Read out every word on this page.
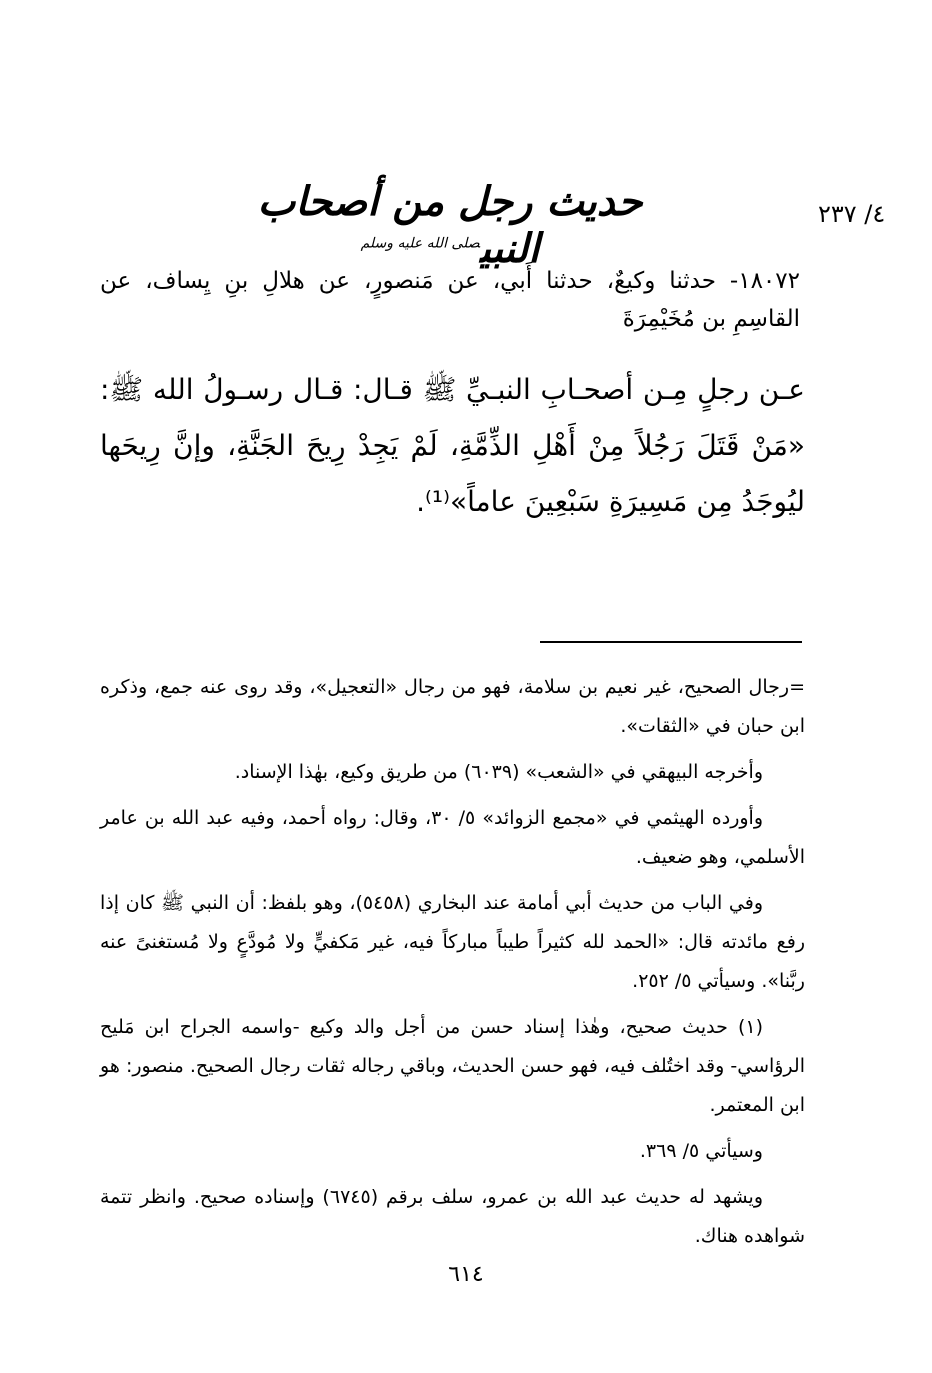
٤/ ٢٣٧
حديث رجل من أصحاب النبي$^{صلى الله عليه وسلم}$
١٨٠٧٢- حدثنا وكيعٌ، حدثنا أَبي، عن مَنصورٍ، عن هلالِ بنِ يِساف، عن القاسِمِ بن مُخَيْمِرَةَ
عـن رجلٍ مِـن أصحـابِ النبـيِّ ﷺ قـال: قـال رسـولُ الله ﷺ: «مَنْ قَتَلَ رَجُلاً مِنْ أَهْلِ الذِّمَّةِ، لَمْ يَجِدْ رِيحَ الجَنَّةِ، وإنَّ رِيحَها ليُوجَدُ مِن مَسِيرَةِ سَبْعِينَ عاماً»⁽¹⁾.

=رجال الصحيح، غير نعيم بن سلامة، فهو من رجال «التعجيل»، وقد روى عنه جمع، وذكره ابن حبان في «الثقات».

وأخرجه البيهقي في «الشعب» (٦٠٣٩) من طريق وكيع، بهٰذا الإسناد.

وأورده الهيثمي في «مجمع الزوائد» ٥/ ٣٠، وقال: رواه أحمد، وفيه عبد الله بن عامر الأسلمي، وهو ضعيف.

وفي الباب من حديث أبي أمامة عند البخاري (٥٤٥٨)، وهو بلفظ: أن النبي ﷺ كان إذا رفع مائدته قال: «الحمد لله كثيراً طيباً مباركاً فيه، غير مَكفيٍّ ولا مُودَّعٍ ولا مُستغنىً عنه ربَّنا». وسيأتي ٥/ ٢٥٢.

(١) حديث صحيح، وهٰذا إسناد حسن من أجل والد وكيع -واسمه الجراح ابن مَليح الرؤاسي- وقد اختُلف فيه، فهو حسن الحديث، وباقي رجاله ثقات رجال الصحيح. منصور: هو ابن المعتمر.

وسيأتي ٥/ ٣٦٩.

ويشهد له حديث عبد الله بن عمرو، سلف برقم (٦٧٤٥) وإسناده صحيح. وانظر تتمة شواهده هناك.

٦١٤
